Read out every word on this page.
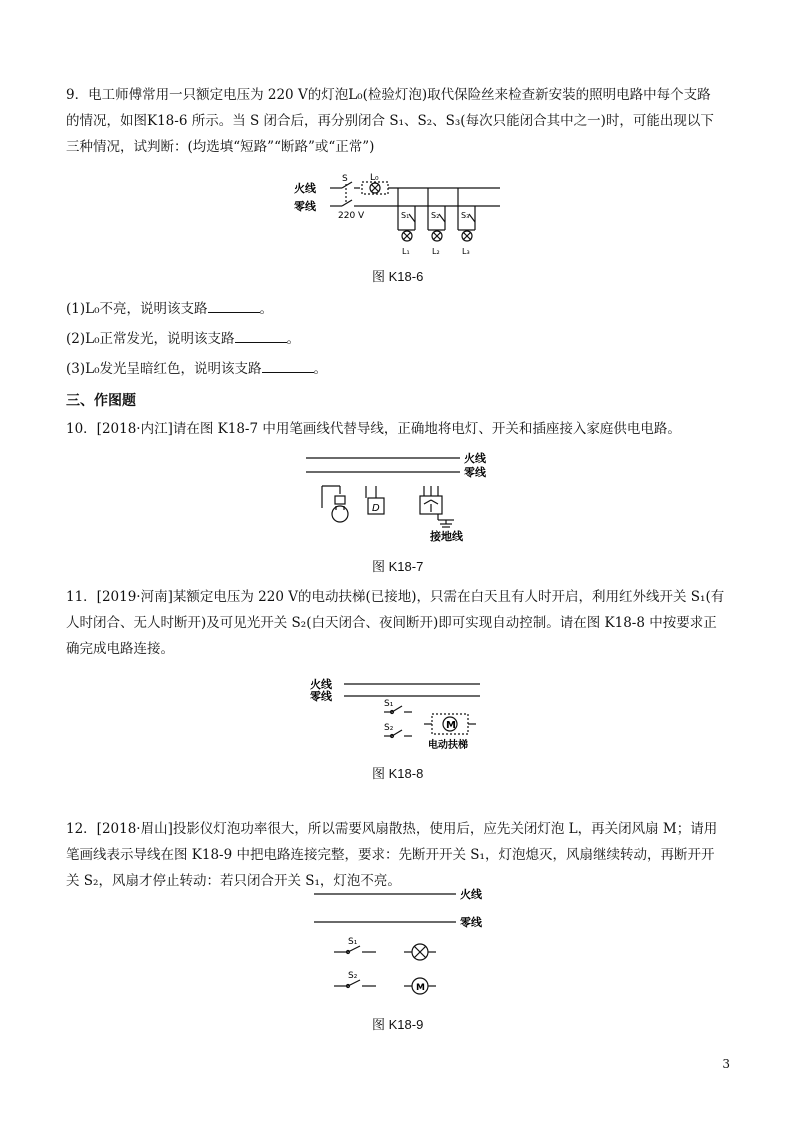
9．电工师傅常用一只额定电压为 220 V的灯泡L₀(检验灯泡)取代保险丝来检查新安装的照明电路中每个支路
的情况，如图K18-6 所示。当 S 闭合后，再分别闭合 S₁、S₂、S₃(每次只能闭合其中之一)时，可能出现以下
三种情况，试判断：(均选填“短路”“断路”或“正常”)
火线
零线
S L₀
220 V	S₁	S₂	S₃
L₁	L₂	L₃
图 K18-6
(1)L₀不亮，说明该支路	。
(2)L₀正常发光，说明该支路	。
(3)L₀发光呈暗红色，说明该支路	。
三、作图题
10．[2018·内江]请在图 K18-7 中用笔画线代替导线，正确地将电灯、开关和插座接入家庭供电电路。
D
火线
零线
接地线
图 K18-7
11．[2019·河南]某额定电压为 220 V的电动扶梯(已接地)，只需在白天且有人时开启，利用红外线开关 S₁(有
人时闭合、无人时断开)及可见光开关 S₂(白天闭合、夜间断开)即可实现自动控制。请在图 K18-8 中按要求正
确完成电路连接。
火线
零线
S₁
S₂	M
电动扶梯
图 K18-8
12．[2018·眉山]投影仪灯泡功率很大，所以需要风扇散热，使用后，应先关闭灯泡 L，再关闭风扇 M；请用
笔画线表示导线在图 K18-9 中把电路连接完整，要求：先断开开关 S₁，灯泡熄灭，风扇继续转动，再断开开
关 S₂，风扇才停止转动：若只闭合开关 S₁，灯泡不亮。
火线
零线
S₁
S₂
M
图 K18-9
3
